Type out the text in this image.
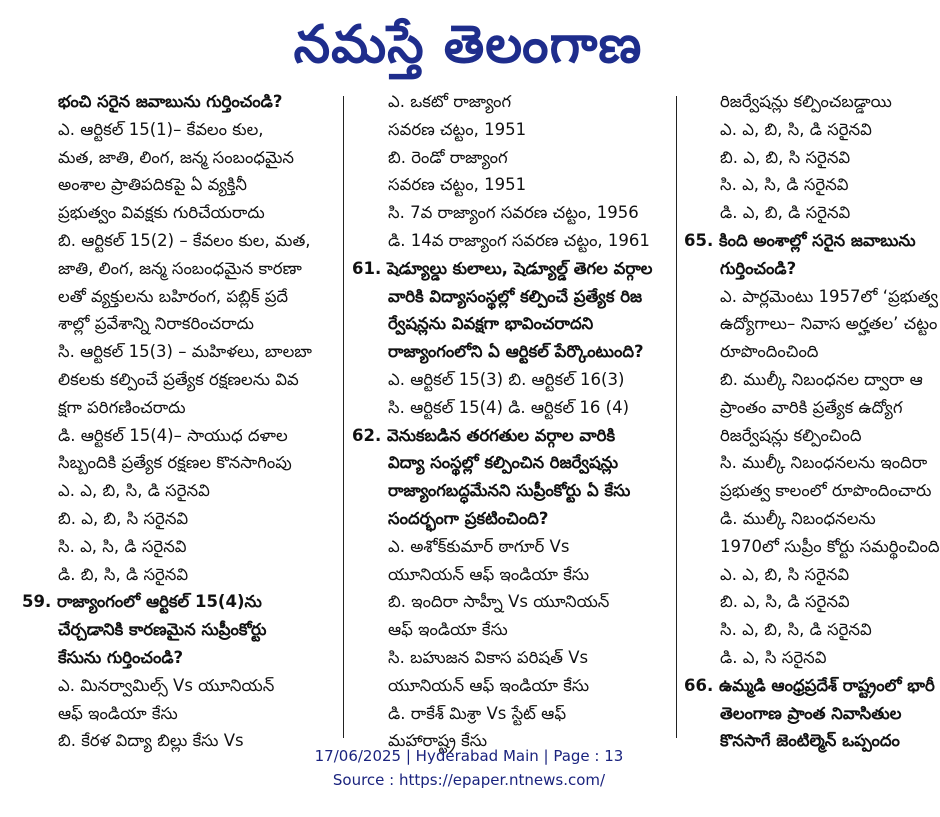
నమస్తే తెలంగాణ
భంచి సరైన జవాబును గుర్తించండి?
ఎ. ఆర్టికల్ 15(1)– కేవలం కుల,
మత, జాతి, లింగ, జన్మ సంబంధమైన
అంశాల ప్రాతిపదికపై ఏ వ్యక్తినీ
ప్రభుత్వం వివక్షకు గురిచేయరాదు
బి. ఆర్టికల్ 15(2) – కేవలం కుల, మత,
జాతి, లింగ, జన్మ సంబంధమైన కారణా
లతో వ్యక్తులను బహిరంగ, పబ్లిక్ ప్రదే
శాల్లో ప్రవేశాన్ని నిరాకరించరాదు
సి. ఆర్టికల్ 15(3) – మహిళలు, బాలబా
లికలకు కల్పించే ప్రత్యేక రక్షణలను వివ
క్షగా పరిగణించరాదు
డి. ఆర్టికల్ 15(4)– సాయుధ దళాల
సిబ్బందికి ప్రత్యేక రక్షణల కొనసాగింపు
ఎ. ఎ, బి, సి, డి సరైనవి
బి. ఎ, బి, సి సరైనవి
సి. ఎ, సి, డి సరైనవి
డి. బి, సి, డి సరైనవి
59. రాజ్యాంగంలో ఆర్టికల్ 15(4)ను
చేర్చడానికి కారణమైన సుప్రీంకోర్టు
కేసును గుర్తించండి?
ఎ. మినర్వామిల్స్ Vs యూనియన్
ఆఫ్ ఇండియా కేసు
బి. కేరళ విద్యా బిల్లు కేసు Vs
ఎ. ఒకటో రాజ్యాంగ
సవరణ చట్టం, 1951
బి. రెండో రాజ్యాంగ
సవరణ చట్టం, 1951
సి. 7వ రాజ్యాంగ సవరణ చట్టం, 1956
డి. 14వ రాజ్యాంగ సవరణ చట్టం, 1961
61. షెడ్యూల్డు కులాలు, షెడ్యూల్డ్ తెగల వర్గాల
వారికి విద్యాసంస్థల్లో కల్పించే ప్రత్యేక రిజ
ర్వేషన్లను వివక్షగా భావించరాదని
రాజ్యాంగంలోని ఏ ఆర్టికల్ పేర్కొంటుంది?
ఎ. ఆర్టికల్ 15(3) బి. ఆర్టికల్ 16(3)
సి. ఆర్టికల్ 15(4) డి. ఆర్టికల్ 16 (4)
62. వెనుకబడిన తరగతుల వర్గాల వారికి
విద్యా సంస్థల్లో కల్పించిన రిజర్వేషన్లు
రాజ్యాంగబద్ధమేనని సుప్రీంకోర్టు ఏ కేసు
సందర్భంగా ప్రకటించింది?
ఎ. అశోక్‌కుమార్ ఠాగూర్ Vs
యూనియన్ ఆఫ్ ఇండియా కేసు
బి. ఇందిరా సాహ్నీ Vs యూనియన్
ఆఫ్ ఇండియా కేసు
సి. బహుజన వికాస పరిషత్ Vs
యూనియన్ ఆఫ్ ఇండియా కేసు
డి. రాకేశ్ మిశ్రా Vs స్టేట్ ఆఫ్
మహారాష్ట్ర కేసు
రిజర్వేషన్లు కల్పించబడ్డాయి
ఎ. ఎ, బి, సి, డి సరైనవి
బి. ఎ, బి, సి సరైనవి
సి. ఎ, సి, డి సరైనవి
డి. ఎ, బి, డి సరైనవి
65. కింది అంశాల్లో సరైన జవాబును
గుర్తించండి?
ఎ. పార్లమెంటు 1957లో ‘ప్రభుత్వ
ఉద్యోగాలు– నివాస అర్హతల’ చట్టం
రూపొందించింది
బి. ముల్కీ నిబంధనల ద్వారా ఆ
ప్రాంతం వారికి ప్రత్యేక ఉద్యోగ
రిజర్వేషన్లు కల్పించింది
సి. ముల్కీ నిబంధనలను ఇందిరా
ప్రభుత్వ కాలంలో రూపొందించారు
డి. ముల్కీ నిబంధనలను
1970లో సుప్రీం కోర్టు సమర్థించింది
ఎ. ఎ, బి, సి సరైనవి
బి. ఎ, సి, డి సరైనవి
సి. ఎ, బి, సి, డి సరైనవి
డి. ఎ, సి సరైనవి
66. ఉమ్మడి ఆంధ్రప్రదేశ్ రాష్ట్రంలో భారీ
తెలంగాణ ప్రాంత నివాసితుల
కొనసాగే జెంటిల్మెన్ ఒప్పందం
17/06/2025 | Hyderabad Main | Page : 13
Source : https://epaper.ntnews.com/
